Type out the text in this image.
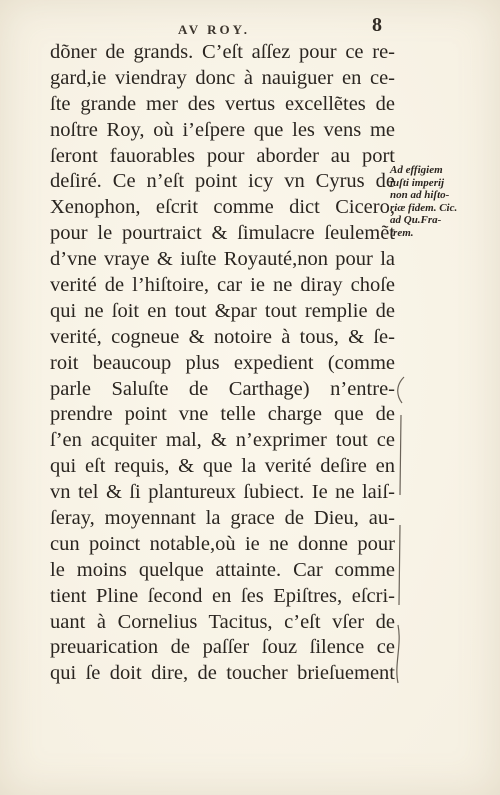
AV ROY.	8
dõner de grands. C’eſt aſſez pour ce re-
gard,ie viendray donc à nauiguer en ce-
ſte grande mer des vertus excellẽtes de
noſtre Roy, où i’eſpere que les vens me
ſeront fauorables pour aborder au port
deſiré. Ce n’eſt point icy vn Cyrus de
Xenophon, eſcrit comme dict Cicero,
pour le pourtraict & ſimulacre ſeulemẽt
d’vne vraye & iuſte Royauté,non pour la
verité de l’hiſtoire, car ie ne diray choſe
qui ne ſoit en tout &par tout remplie de
verité, cogneue & notoire à tous, & ſe-
roit beaucoup plus expedient (comme
parle Saluſte de Carthage) n’entre-
prendre point vne telle charge que de
ſ’en acquiter mal, & n’exprimer tout ce
qui eſt requis, & que la verité deſire en
vn tel & ſi plantureux ſubiect. Ie ne laiſ-
ſeray, moyennant la grace de Dieu, au-
cun poinct notable,où ie ne donne pour
le moins quelque attainte. Car comme
tient Pline ſecond en ſes Epiſtres, eſcri-
uant à Cornelius Tacitus, c’eſt vſer de
preuarication de paſſer ſouz ſilence ce
qui ſe doit dire, de toucher brieſuement
Ad effigiem
iuſti imperij
non ad hiſto-
riæ fidem. Cic.
ad Qu.Fra-
trem.
